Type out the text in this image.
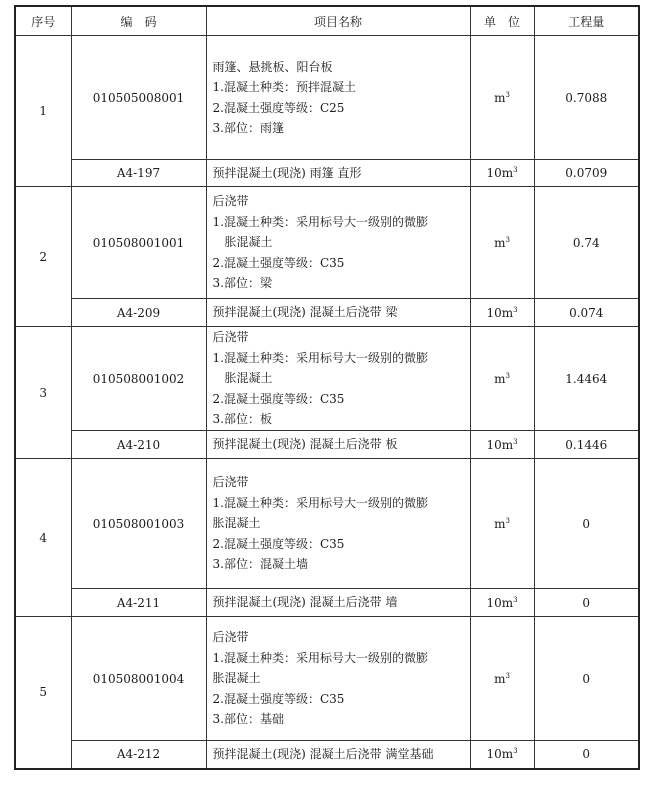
序号	编　码	项目名称	单　位	工程量
1	010505008001	雨篷、悬挑板、阳台板
1.混凝土种类：预拌混凝土
2.混凝土强度等级：C25
3.部位：雨篷	$m^3$	0.7088
	A4-197	预拌混凝土(现浇) 雨篷 直形	$10m^3$	0.0709
2	010508001001	后浇带
1.混凝土种类：采用标号大一级别的微膨
胀混凝土
2.混凝土强度等级：C35
3.部位：梁	$m^3$	0.74
	A4-209	预拌混凝土(现浇) 混凝土后浇带 梁	$10m^3$	0.074
3	010508001002	后浇带
1.混凝土种类：采用标号大一级别的微膨
胀混凝土
2.混凝土强度等级：C35
3.部位：板	$m^3$	1.4464
	A4-210	预拌混凝土(现浇) 混凝土后浇带 板	$10m^3$	0.1446
4	010508001003	后浇带
1.混凝土种类：采用标号大一级别的微膨
胀混凝土
2.混凝土强度等级：C35
3.部位：混凝土墙	$m^3$	0
	A4-211	预拌混凝土(现浇) 混凝土后浇带 墙	$10m^3$	0
5	010508001004	后浇带
1.混凝土种类：采用标号大一级别的微膨
胀混凝土
2.混凝土强度等级：C35
3.部位：基础	$m^3$	0
	A4-212	预拌混凝土(现浇) 混凝土后浇带 满堂基础	$10m^3$	0
